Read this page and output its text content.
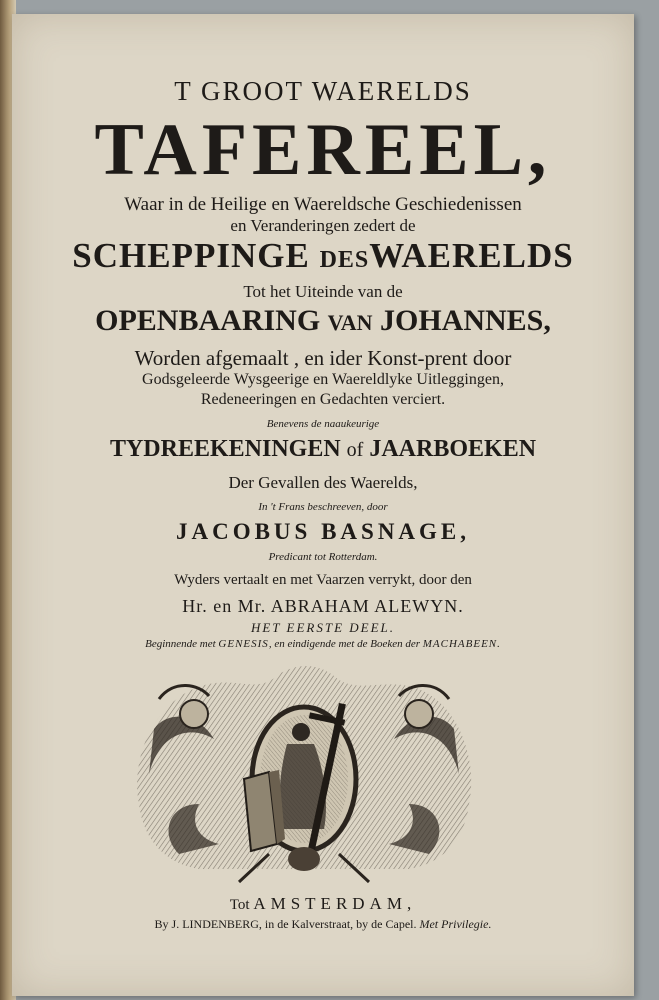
T GROOT WAERELDS
TAFEREEL,
Waar in de Heilige en Waereldsche Geschiedenissen
en Veranderingen zedert de
SCHEPPINGE DESWAERELDS
Tot het Uiteinde van de
OPENBAARING VAN JOHANNES,
Worden afgemaalt , en ider Konst-prent door
Godsgeleerde Wysgeerige en Waereldlyke Uitleggingen,
Redeneeringen en Gedachten verciert.
Benevens de naaukeurige
TYDREEKENINGEN of JAARBOEKEN
Der Gevallen des Waerelds,
In 't Frans beschreeven, door
JACOBUS BASNAGE,
Predicant tot Rotterdam.
Wyders vertaalt en met Vaarzen verrykt, door den
Hr. en Mr. ABRAHAM ALEWYN.
HET EERSTE DEEL.
Beginnende met GENESIS, en eindigende met de Boeken der MACHABEEN.
Tot AMSTERDAM,
By J. LINDENBERG, in de Kalverstraat, by de Capel. Met Privilegie.
